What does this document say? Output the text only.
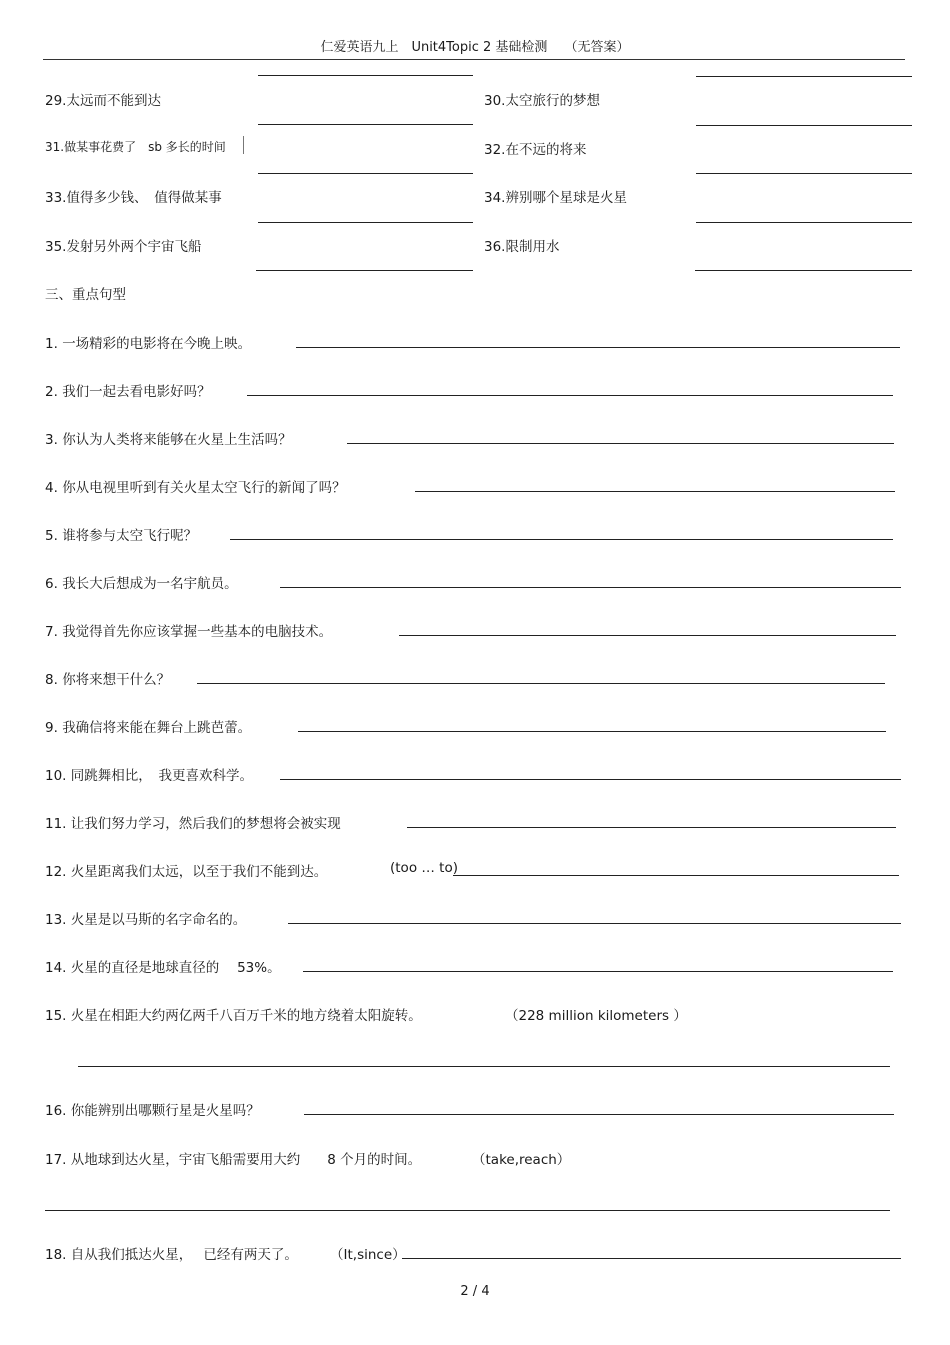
仁爱英语九上　Unit4Topic 2 基础检测　 （无答案）
29.太远而不能到达	30.太空旅行的梦想
31.做某事花费了　sb 多长的时间	32.在不远的将来
33.值得多少钱、　值得做某事	34.辨别哪个星球是火星
35.发射另外两个宇宙飞船	36.限制用水
三、重点句型
1. 一场精彩的电影将在今晚上映。
2. 我们一起去看电影好吗？
3. 你认为人类将来能够在火星上生活吗？
4. 你从电视里听到有关火星太空飞行的新闻了吗？
5. 谁将参与太空飞行呢？
6. 我长大后想成为一名宇航员。
7. 我觉得首先你应该掌握一些基本的电脑技术。
8. 你将来想干什么？
9. 我确信将来能在舞台上跳芭蕾。
10. 同跳舞相比，　我更喜欢科学。
11. 让我们努力学习，然后我们的梦想将会被实现
12. 火星距离我们太远，以至于我们不能到达。	(too … to)
13. 火星是以马斯的名字命名的。
14. 火星的直径是地球直径的　 53%。
15. 火星在相距大约两亿两千八百万千米的地方绕着太阳旋转。	（228 million kilometers ）
16. 你能辨别出哪颗行星是火星吗？
17. 从地球到达火星，宇宙飞船需要用大约　　8 个月的时间。	（take,reach）
18. 自从我们抵达火星，　 已经有两天了。 （It,since）
2 / 4
